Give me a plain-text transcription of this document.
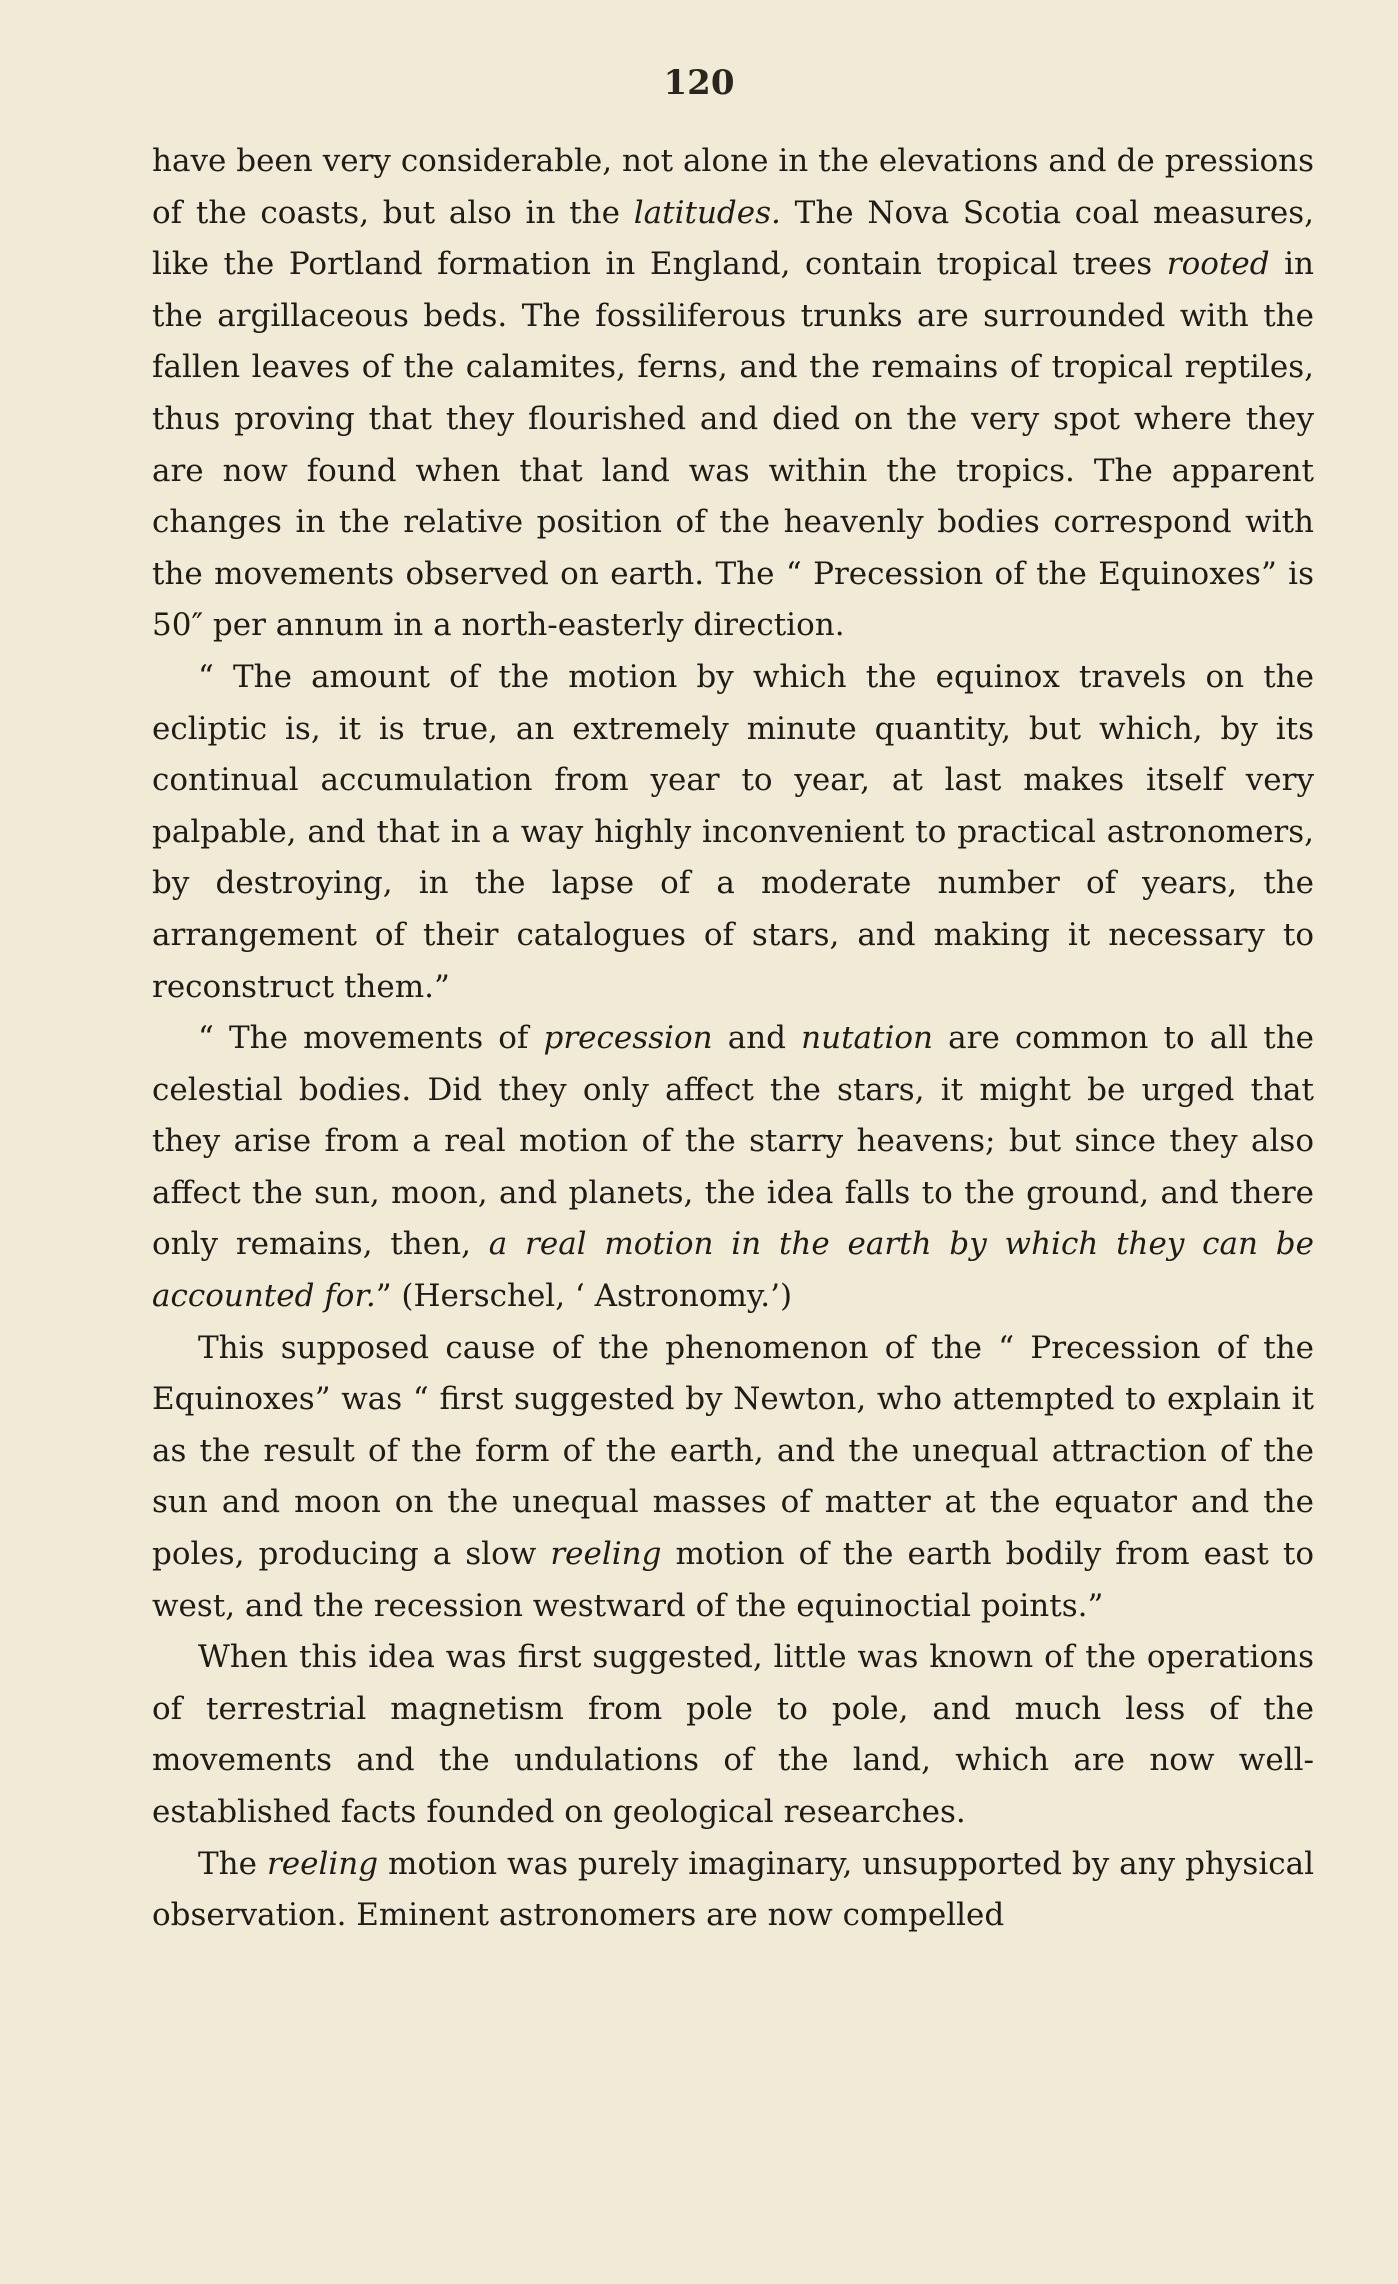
120

have been very considerable, not alone in the elevations and de pressions of the coasts, but also in the latitudes. The Nova Scotia coal measures, like the Portland formation in England, contain tropical trees rooted in the argillaceous beds. The fossiliferous trunks are surrounded with the fallen leaves of the calamites, ferns, and the remains of tropical reptiles, thus proving that they flourished and died on the very spot where they are now found when that land was within the tropics. The apparent changes in the relative position of the heavenly bodies correspond with the movements observed on earth. The “ Precession of the Equinoxes” is 50″ per annum in a north-easterly direction.

“ The amount of the motion by which the equinox travels on the ecliptic is, it is true, an extremely minute quantity, but which, by its continual accumulation from year to year, at last makes itself very palpable, and that in a way highly inconvenient to practical astronomers, by destroying, in the lapse of a moderate number of years, the arrangement of their catalogues of stars, and making it necessary to reconstruct them.”

“ The movements of precession and nutation are common to all the celestial bodies. Did they only affect the stars, it might be urged that they arise from a real motion of the starry heavens; but since they also affect the sun, moon, and planets, the idea falls to the ground, and there only remains, then, a real motion in the earth by which they can be accounted for.” (Herschel, ‘ Astronomy.’)

This supposed cause of the phenomenon of the “ Precession of the Equinoxes” was “ first suggested by Newton, who attempted to explain it as the result of the form of the earth, and the unequal attraction of the sun and moon on the unequal masses of matter at the equator and the poles, producing a slow reeling motion of the earth bodily from east to west, and the recession westward of the equinoctial points.”

When this idea was first suggested, little was known of the operations of terrestrial magnetism from pole to pole, and much less of the movements and the undulations of the land, which are now well-established facts founded on geological researches.

The reeling motion was purely imaginary, unsupported by any physical observation. Eminent astronomers are now compelled
